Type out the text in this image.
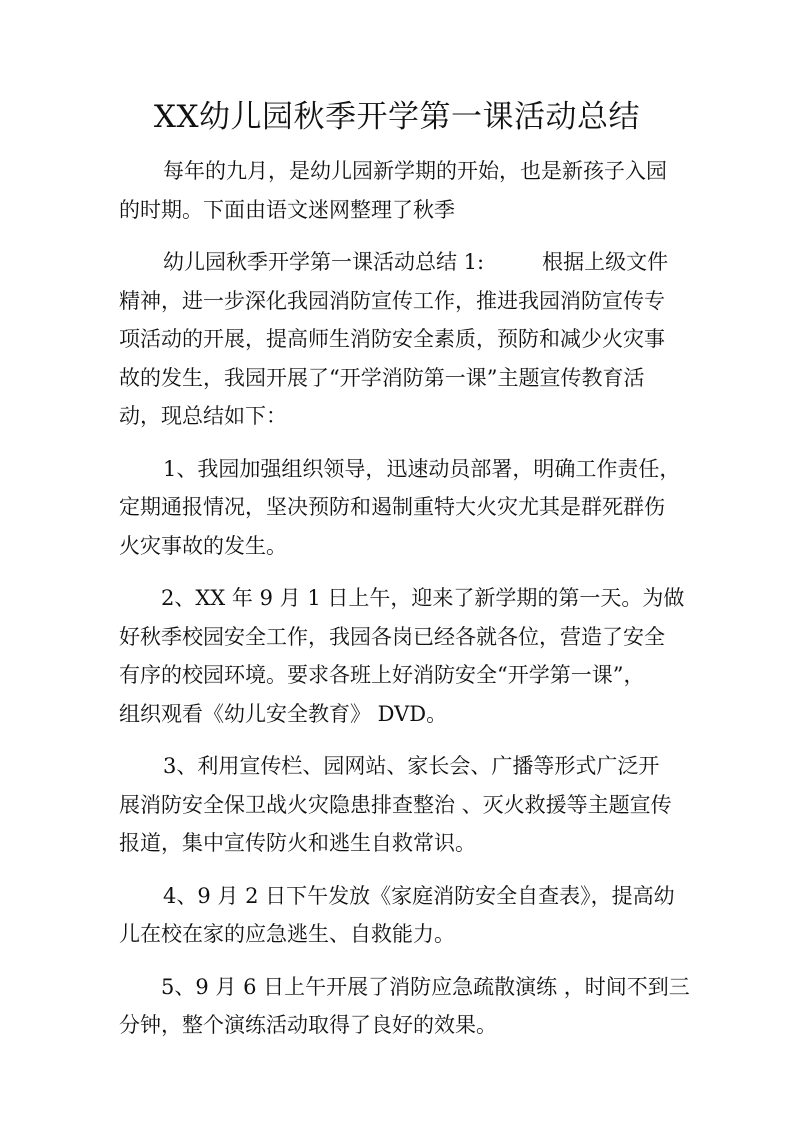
XX幼儿园秋季开学第一课活动总结
每年的九月，是幼儿园新学期的开始，也是新孩子入园
的时期。下面由语文迷网整理了秋季
幼儿园秋季开学第一课活动总结 1:	根据上级文件
精神，进一步深化我园消防宣传工作，推进我园消防宣传专
项活动的开展，提高师生消防安全素质，预防和减少火灾事
故的发生，我园开展了“开学消防第一课”主题宣传教育活
动，现总结如下：
1、我园加强组织领导，迅速动员部署，明确工作责任，
定期通报情况，坚决预防和遏制重特大火灾尤其是群死群伤
火灾事故的发生。
2、XX 年 9 月 1 日上午，迎来了新学期的第一天。为做
好秋季校园安全工作，我园各岗已经各就各位，营造了安全
有序的校园环境。要求各班上好消防安全“开学第一课”，
组织观看《幼儿安全教育》 DVD。
3、利用宣传栏、园网站、家长会、广播等形式广泛开
展消防安全保卫战火灾隐患排查整治 、灭火救援等主题宣传
报道，集中宣传防火和逃生自救常识。
4、9 月 2 日下午发放《家庭消防安全自查表》，提高幼
儿在校在家的应急逃生、自救能力。
5、9 月 6 日上午开展了消防应急疏散演练 ，时间不到三
分钟，整个演练活动取得了良好的效果。
